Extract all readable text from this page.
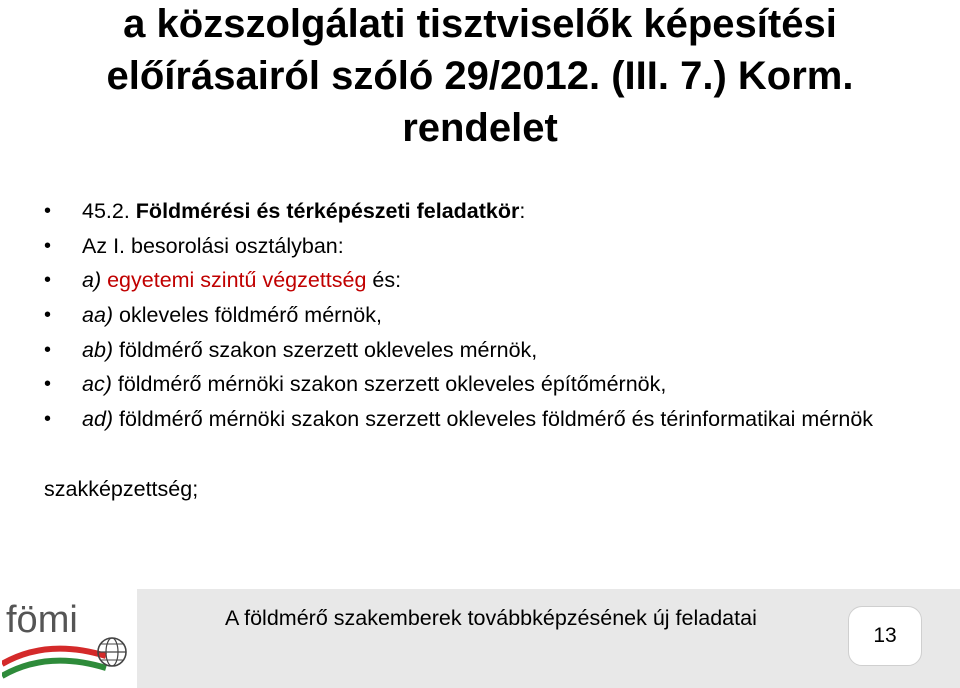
a közszolgálati tisztviselők képesítési
előírásairól szóló 29/2012. (III. 7.) Korm.
rendelet
• 45.2. Földmérési és térképészeti feladatkör:
• Az I. besorolási osztályban:
• a) egyetemi szintű végzettség és:
• aa) okleveles földmérő mérnök,
• ab) földmérő szakon szerzett okleveles mérnök,
• ac) földmérő mérnöki szakon szerzett okleveles építőmérnök,
• ad) földmérő mérnöki szakon szerzett okleveles földmérő és térinformatikai mérnök
szakképzettség;
A földmérő szakemberek továbbképzésének új feladatai
13
fömi
